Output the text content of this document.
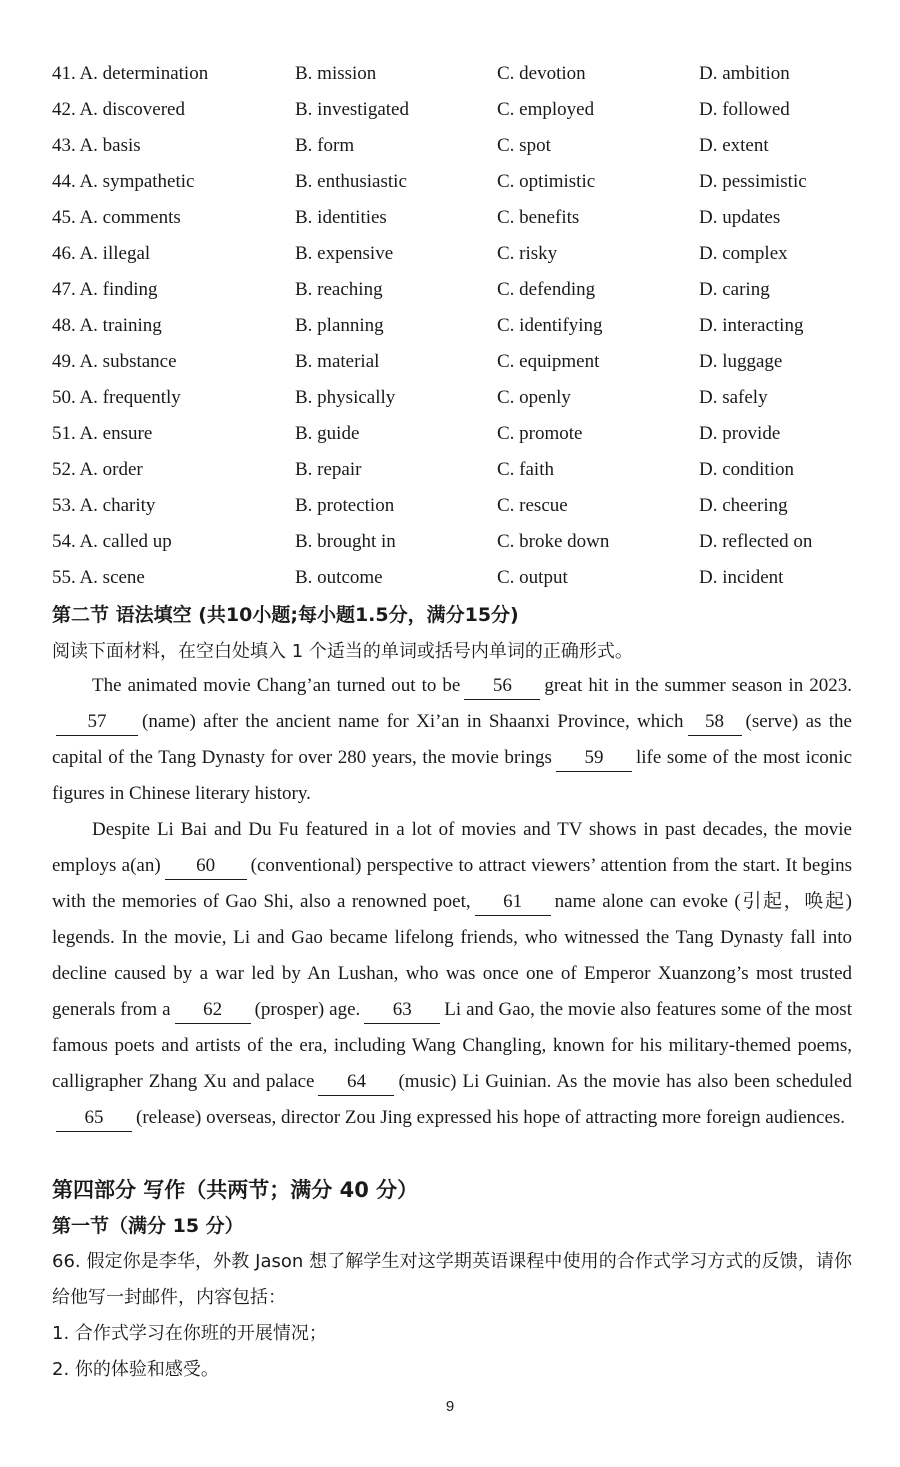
41. A. determination	B. mission	C. devotion	D. ambition
42. A. discovered	B. investigated	C. employed	D. followed
43. A. basis	B. form	C. spot	D. extent
44. A. sympathetic	B. enthusiastic	C. optimistic	D. pessimistic
45. A. comments	B. identities	C. benefits	D. updates
46. A. illegal	B. expensive	C. risky	D. complex
47. A. finding	B. reaching	C. defending	D. caring
48. A. training	B. planning	C. identifying	D. interacting
49. A. substance	B. material	C. equipment	D. luggage
50. A. frequently	B. physically	C. openly	D. safely
51. A. ensure	B. guide	C. promote	D. provide
52. A. order	B. repair	C. faith	D. condition
53. A. charity	B. protection	C. rescue	D. cheering
54. A. called up	B. brought in	C. broke down	D. reflected on
55. A. scene	B. outcome	C. output	D. incident
第二节 语法填空 (共10小题;每小题1.5分，满分15分)
阅读下面材料，在空白处填入 1 个适当的单词或括号内单词的正确形式。

The animated movie Chang’an turned out to be 56 great hit in the summer season in 2023.57 (name) after the ancient name for Xi’an in Shaanxi Province, which 58 (serve) as the capital of the Tang Dynasty for over 280 years, the movie brings 59 life some of the most iconic figures in Chinese literary history.

Despite Li Bai and Du Fu featured in a lot of movies and TV shows in past decades, the movie employs a(an) 60 (conventional) perspective to attract viewers’ attention from the start. It begins with the memories of Gao Shi, also a renowned poet, 61 name alone can evoke (引起，唤起) legends. In the movie, Li and Gao became lifelong friends, who witnessed the Tang Dynasty fall into decline caused by a war led by An Lushan, who was once one of Emperor Xuanzong’s most trusted generals from a 62 (prosper) age. 63 Li and Gao, the movie also features some of the most famous poets and artists of the era, including Wang Changling, known for his military-themed poems, calligrapher Zhang Xu and palace 64 (music) Li Guinian. As the movie has also been scheduled65 (release) overseas, director Zou Jing expressed his hope of attracting more foreign audiences.

第四部分 写作（共两节；满分 40 分）
第一节（满分 15 分）

66. 假定你是李华，外教 Jason 想了解学生对这学期英语课程中使用的合作式学习方式的反馈，请你给他写一封邮件，内容包括：

1. 合作式学习在你班的开展情况；

2. 你的体验和感受。

9
